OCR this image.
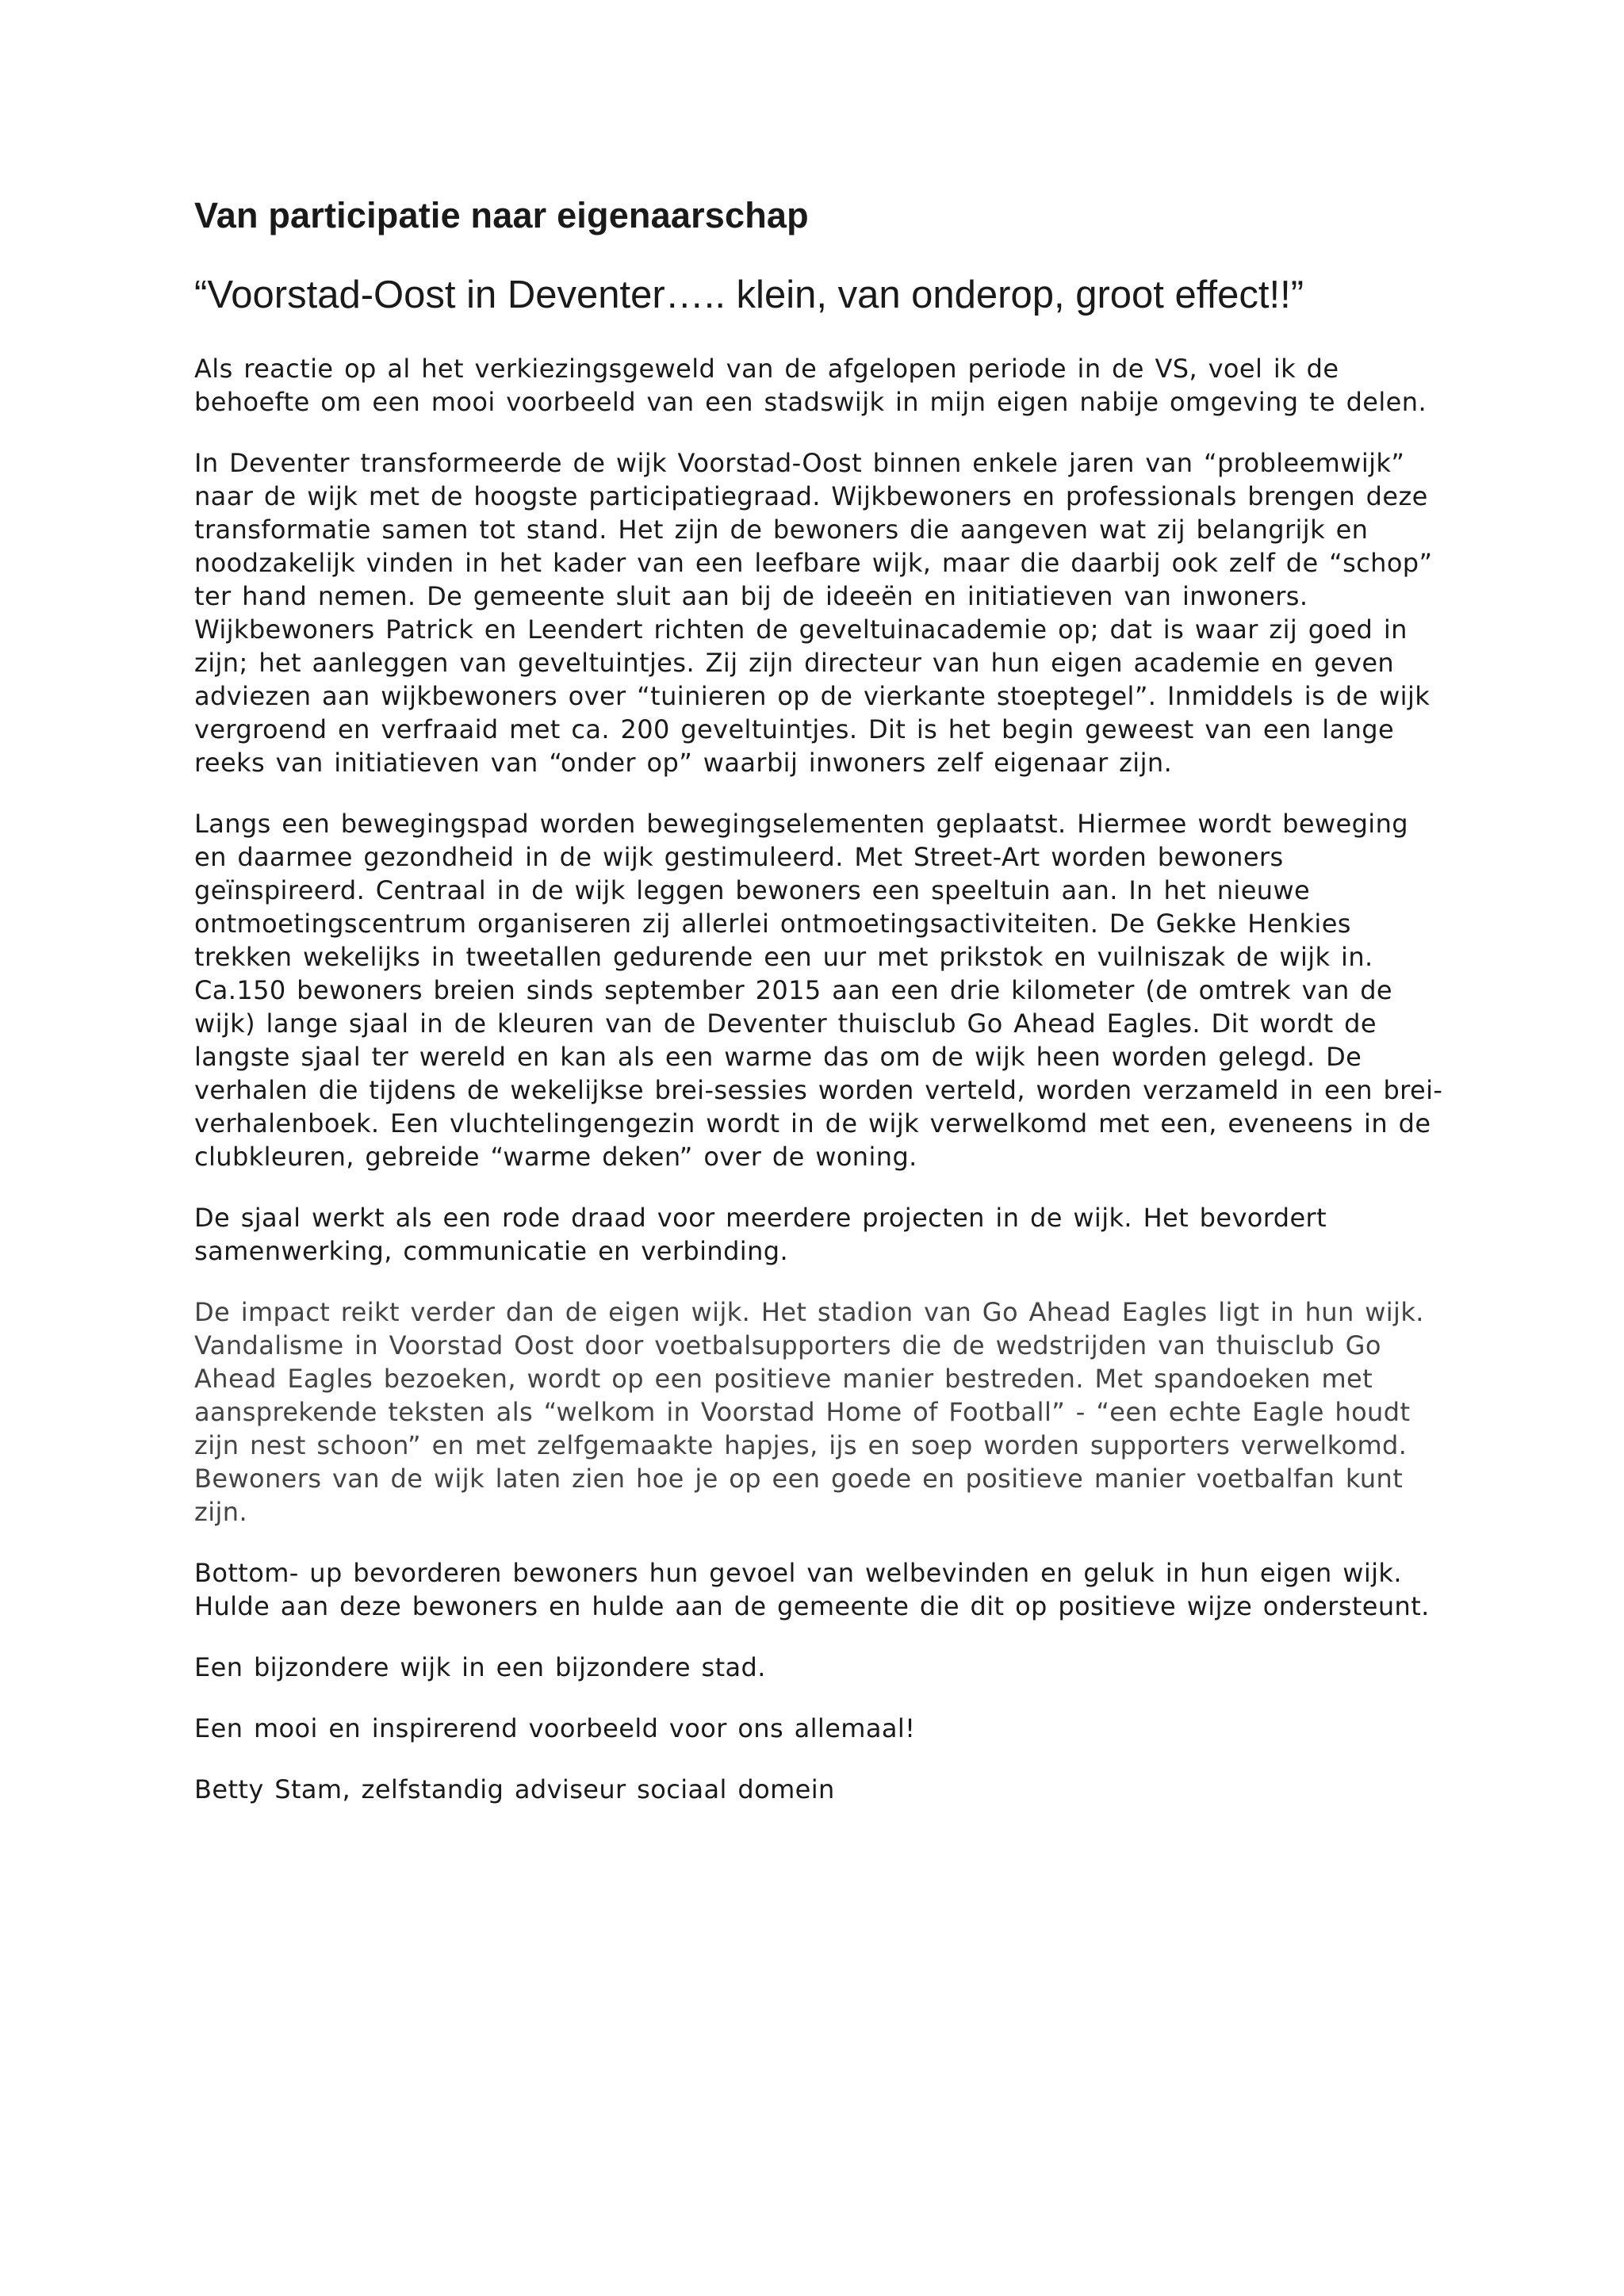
Van participatie naar eigenaarschap
“Voorstad-Oost in Deventer….. klein, van onderop, groot effect!!”

Als reactie op al het verkiezingsgeweld van de afgelopen periode in de VS, voel ik de behoefte om een mooi voorbeeld van een stadswijk in mijn eigen nabije omgeving te delen.

In Deventer transformeerde de wijk Voorstad-Oost binnen enkele jaren van “probleemwijk” naar de wijk met de hoogste participatiegraad. Wijkbewoners en professionals brengen deze transformatie samen tot stand. Het zijn de bewoners die aangeven wat zij belangrijk en noodzakelijk vinden in het kader van een leefbare wijk, maar die daarbij ook zelf de “schop” ter hand nemen. De gemeente sluit aan bij de ideeën en initiatieven van inwoners. Wijkbewoners Patrick en Leendert richten de geveltuinacademie op; dat is waar zij goed in zijn; het aanleggen van geveltuintjes. Zij zijn directeur van hun eigen academie en geven adviezen aan wijkbewoners over “tuinieren op de vierkante stoeptegel”. Inmiddels is de wijk vergroend en verfraaid met ca. 200 geveltuintjes. Dit is het begin geweest van een lange reeks van initiatieven van “onder op” waarbij inwoners zelf eigenaar zijn.

Langs een bewegingspad worden bewegingselementen geplaatst. Hiermee wordt beweging en daarmee gezondheid in de wijk gestimuleerd. Met Street-Art worden bewoners geïnspireerd. Centraal in de wijk leggen bewoners een speeltuin aan. In het nieuwe ontmoetingscentrum organiseren zij allerlei ontmoetingsactiviteiten. De Gekke Henkies trekken wekelijks in tweetallen gedurende een uur met prikstok en vuilniszak de wijk in. Ca.150 bewoners breien sinds september 2015 aan een drie kilometer (de omtrek van de wijk) lange sjaal in de kleuren van de Deventer thuisclub Go Ahead Eagles. Dit wordt de langste sjaal ter wereld en kan als een warme das om de wijk heen worden gelegd. De verhalen die tijdens de wekelijkse brei-sessies worden verteld, worden verzameld in een brei-verhalenboek. Een vluchtelingengezin wordt in de wijk verwelkomd met een, eveneens in de clubkleuren, gebreide “warme deken” over de woning.

De sjaal werkt als een rode draad voor meerdere projecten in de wijk. Het bevordert samenwerking, communicatie en verbinding.

De impact reikt verder dan de eigen wijk. Het stadion van Go Ahead Eagles ligt in hun wijk. Vandalisme in Voorstad Oost door voetbalsupporters die de wedstrijden van thuisclub Go Ahead Eagles bezoeken, wordt op een positieve manier bestreden. Met spandoeken met aansprekende teksten als “welkom in Voorstad Home of Football” - “een echte Eagle houdt zijn nest schoon” en met zelfgemaakte hapjes, ijs en soep worden supporters verwelkomd. Bewoners van de wijk laten zien hoe je op een goede en positieve manier voetbalfan kunt zijn.

Bottom- up bevorderen bewoners hun gevoel van welbevinden en geluk in hun eigen wijk. Hulde aan deze bewoners en hulde aan de gemeente die dit op positieve wijze ondersteunt.

Een bijzondere wijk in een bijzondere stad.

Een mooi en inspirerend voorbeeld voor ons allemaal!

Betty Stam, zelfstandig adviseur sociaal domein
